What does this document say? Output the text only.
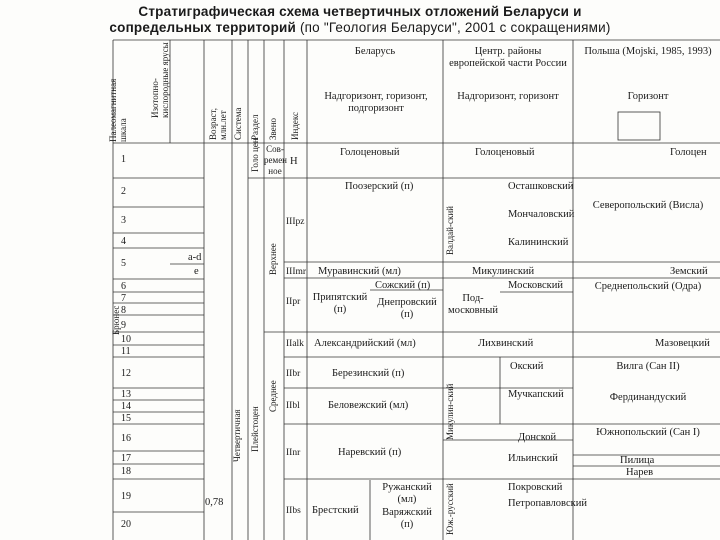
Стратиграфическая схема четвертичных отложений Беларуси и
сопредельных территорий (по "Геология Беларуси", 2001 с сокращениями)
Палеомагнитная шкала
Изотопно- кислородные ярусы
Возраст, млн.лет Система Раздел Звено Индекс
Беларусь
Надгоризонт, горизонт, подгоризонт
Центр. районы европейской части России
Надгоризонт, горизонт
Польша (Mojski, 1985, 1993)
Горизонт
1
2
3
4
5
6
7
8
9
10
11
12
13
14
15
16
17
18
19
20
a-d
e
0,78
Брюнес
Четвертичная Плейстоцен
Голо цен
Верхнее
Среднее
Валдай-ский
Микулин-ский
Юж.-русский
Сов- ремен ное
H
IIIpz
IIImr
IIpr
IIalk
IIbr
IIbl
IInr
IIbs
Голоценовый
Поозерский (п)
Муравинский (мл)
Сожский (п)
Припятский
(п)
Днепровский
(п)
Александрийский (мл)
Березинский (п)
Беловежский (мл)
Наревский (п)
Брестский
Ружанский
(мл)
Варяжский
(п)
Голоценовый
Осташковский
Мончаловский
Калининский
Микулинский
Московский
Под-московный
Лихвинский
Окский
Мучкапский
Донской
Ильинский
Покровский
Петропавловский
Голоцен
Северопольский (Висла)
Земский
Среднепольский (Одра)
Мазовецкий
Вилга (Сан II)
Фердинандуский
Южнопольский (Сан I)
Пилица
Нарев
